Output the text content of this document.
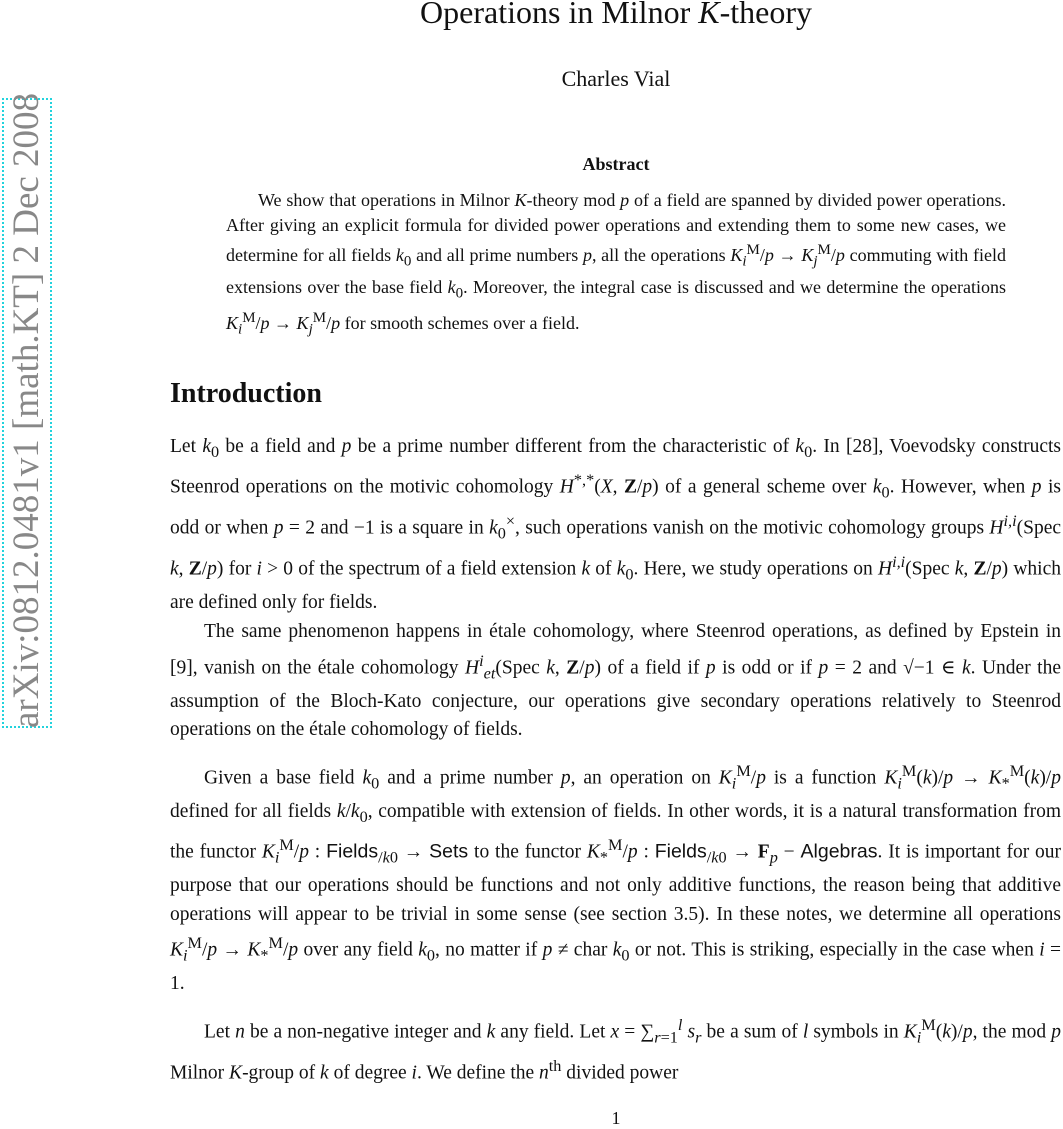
arXiv:0812.0481v1 [math.KT] 2 Dec 2008
Operations in Milnor K-theory
Charles Vial
Abstract
We show that operations in Milnor K-theory mod p of a field are spanned by divided power operations. After giving an explicit formula for divided power operations and extending them to some new cases, we determine for all fields $k_0$ and all prime numbers p, all the operations $K_i^M/p \to K_j^M/p$ commuting with field extensions over the base field $k_0$. Moreover, the integral case is discussed and we determine the operations $K_i^M/p \to K_j^M/p$ for smooth schemes over a field.
Introduction

Let $k_0$ be a field and p be a prime number different from the characteristic of $k_0$. In [28], Voevodsky constructs Steenrod operations on the motivic cohomology H*,*(X, Z/p) of a general scheme over $k_0$. However, when p is odd or when p = 2 and −1 is a square in $k_0^\times$, such operations vanish on the motivic cohomology groups H$^{i,i}$(Spec k, Z/p) for i > 0 of the spectrum of a field extension k of $k_0$. Here, we study operations on H$^{i,i}$(Spec k, Z/p) which are defined only for fields.

The same phenomenon happens in étale cohomology, where Steenrod operations, as defined by Epstein in [9], vanish on the étale cohomology $H^i_{et}(Spec$ k, Z/p) of a field if p is odd or if p = 2 and √−1 ∈ k. Under the assumption of the Bloch-Kato conjecture, our operations give secondary operations relatively to Steenrod operations on the étale cohomology of fields.

Given a base field $k_0$ and a prime number p, an operation on $K_i^M/p$ is a function $K_i^M(k)/p \to K_*^M(k)/p$ defined for all fields $k/k_0$, compatible with extension of fields. In other words, it is a natural transformation from the functor $K_i^M/p$ : Fields$_{/k0}$ → Sets to the functor $K_*^M/p$ : Fields$_{/k0}$ → $F_p$ − Algebras. It is important for our purpose that our operations should be functions and not only additive functions, the reason being that additive operations will appear to be trivial in some sense (see section 3.5). In these notes, we determine all operations $K_i^M/p \to K_*^M/p$ over any field $k_0$, no matter if p ≠ char $k_0$ or not. This is striking, especially in the case when i = 1.

Let n be a non-negative integer and k any field. Let $x = \sum_{r=1}^l$ $s_r$ be a sum of l symbols in $K_i^M(k)/p$, the mod p Milnor K-group of k of degree i. We define the $n^{th}$ divided power

1
